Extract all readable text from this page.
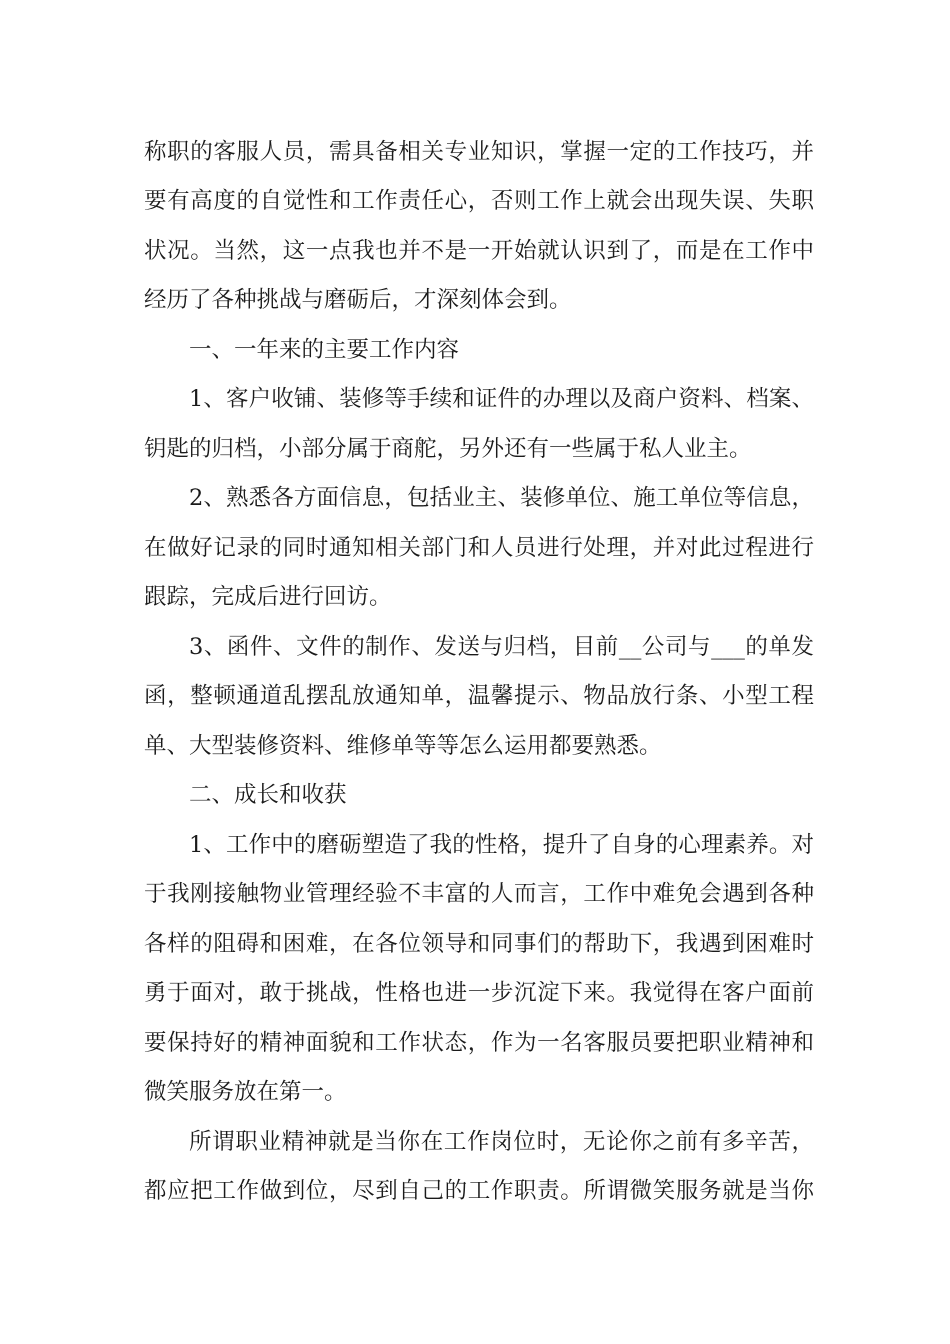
称职的客服人员，需具备相关专业知识，掌握一定的工作技巧，并
要有高度的自觉性和工作责任心，否则工作上就会出现失误、失职
状况。当然，这一点我也并不是一开始就认识到了，而是在工作中
经历了各种挑战与磨砺后，才深刻体会到。
一、一年来的主要工作内容
1、客户收铺、装修等手续和证件的办理以及商户资料、档案、
钥匙的归档，小部分属于商舵，另外还有一些属于私人业主。
2、熟悉各方面信息，包括业主、装修单位、施工单位等信息，
在做好记录的同时通知相关部门和人员进行处理，并对此过程进行
跟踪，完成后进行回访。
3、函件、文件的制作、发送与归档，目前__公司与___的单发
函，整顿通道乱摆乱放通知单，温馨提示、物品放行条、小型工程
单、大型装修资料、维修单等等怎么运用都要熟悉。
二、成长和收获
1、工作中的磨砺塑造了我的性格，提升了自身的心理素养。对
于我刚接触物业管理经验不丰富的人而言，工作中难免会遇到各种
各样的阻碍和困难，在各位领导和同事们的帮助下，我遇到困难时
勇于面对，敢于挑战，性格也进一步沉淀下来。我觉得在客户面前
要保持好的精神面貌和工作状态，作为一名客服员要把职业精神和
微笑服务放在第一。
所谓职业精神就是当你在工作岗位时，无论你之前有多辛苦，
都应把工作做到位，尽到自己的工作职责。所谓微笑服务就是当你
